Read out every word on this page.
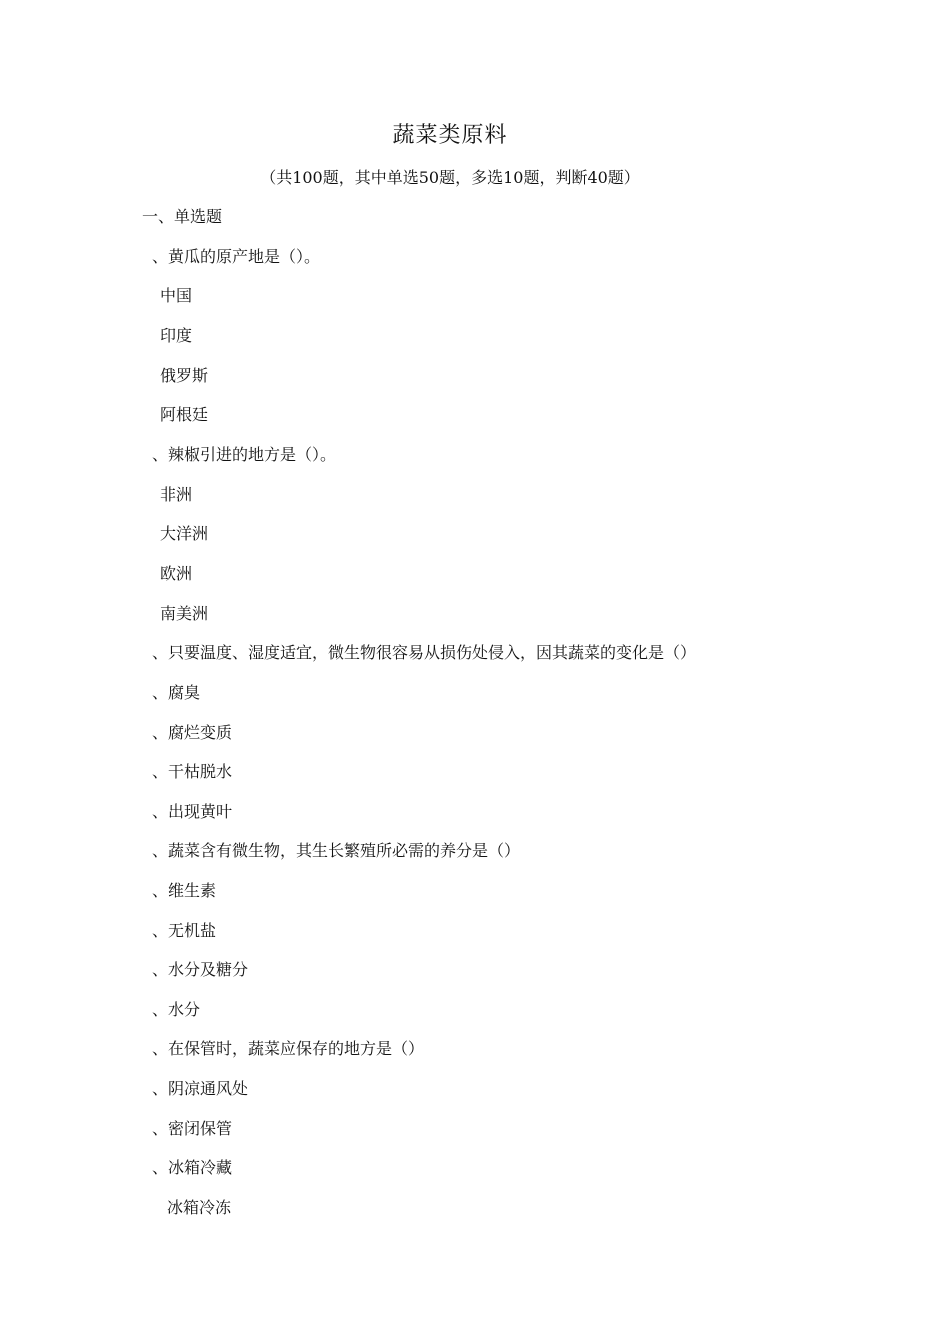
蔬菜类原料
（共100题，其中单选50题，多选10题，判断40题）
一、单选题
、黄瓜的原产地是（）。
中国
印度
俄罗斯
阿根廷
、辣椒引进的地方是（）。
非洲
大洋洲
欧洲
南美洲
、只要温度、湿度适宜，微生物很容易从损伤处侵入，因其蔬菜的变化是（）
、腐臭
、腐烂变质
、干枯脱水
、出现黄叶
、蔬菜含有微生物，其生长繁殖所必需的养分是（）
、维生素
、无机盐
、水分及糖分
、水分
、在保管时，蔬菜应保存的地方是（）
、阴凉通风处
、密闭保管
、冰箱冷藏
冰箱冷冻
